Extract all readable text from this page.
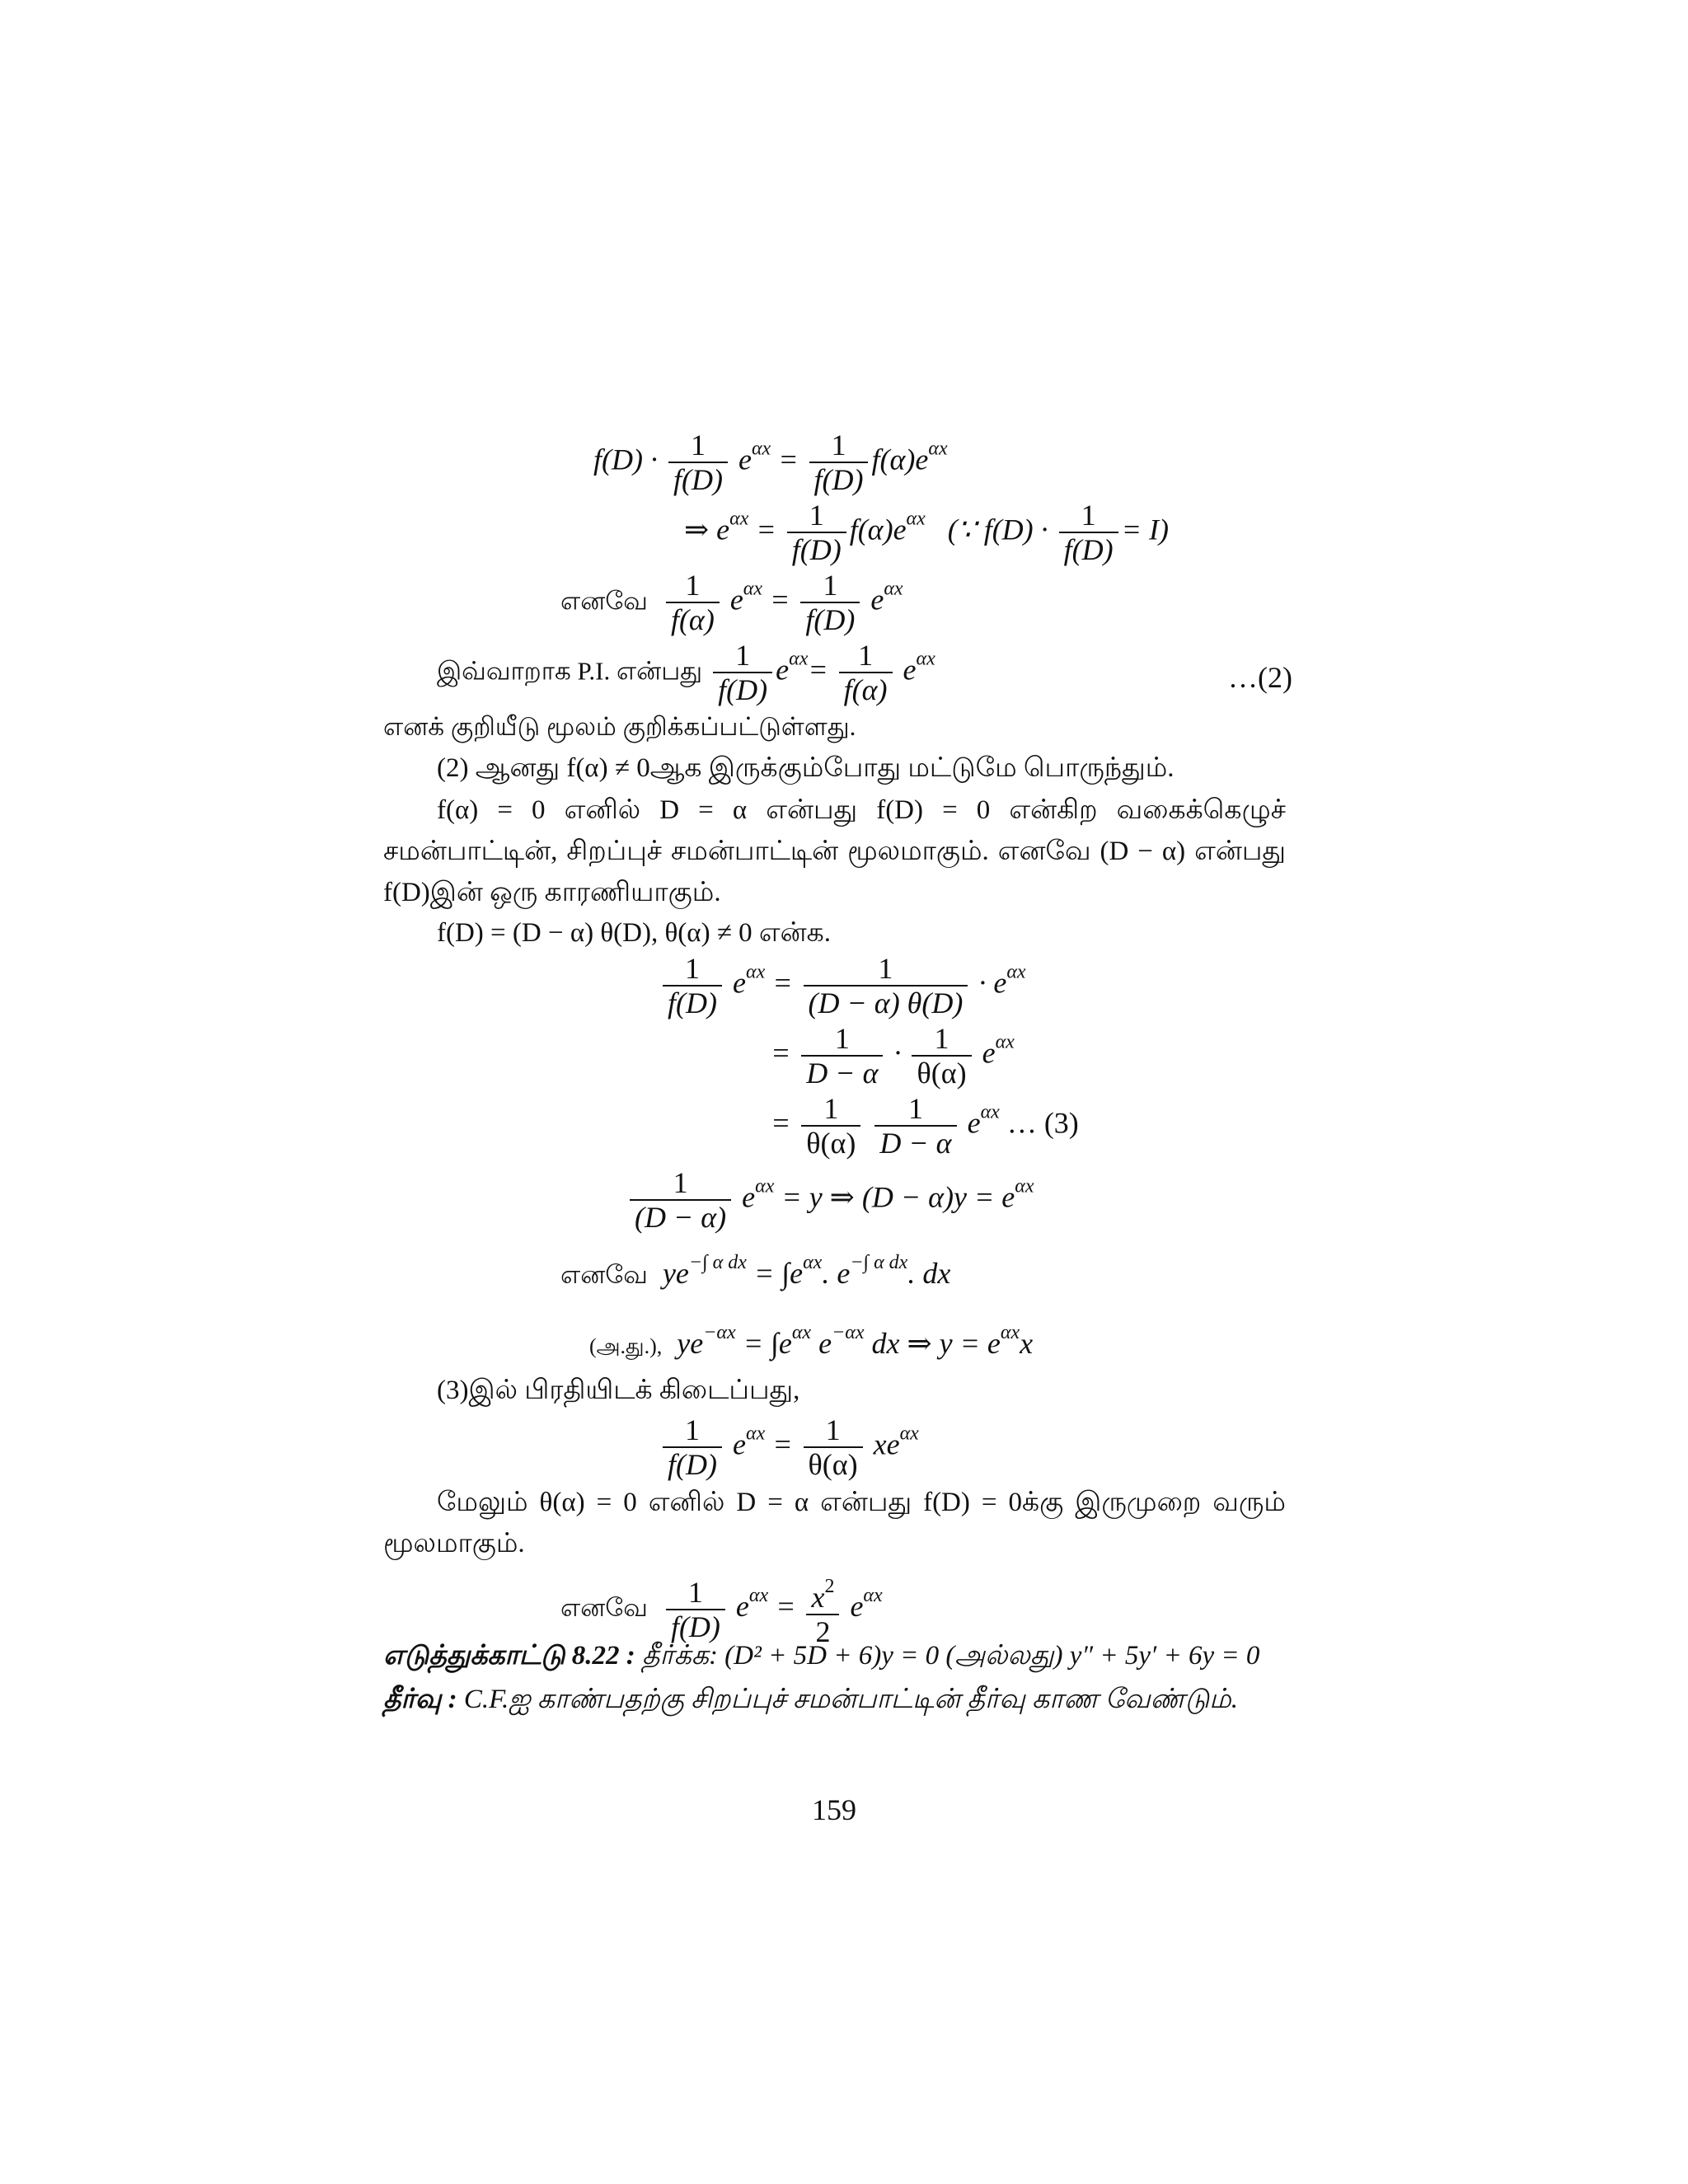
$f(D) \cdot \frac{1}{f(D)} e^{\alpha x} = \frac{1}{f(D)} f(\alpha)e^{\alpha x}$
⇒ $e^{\alpha x} = \frac{1}{f(D)} f(\alpha)e^{\alpha x}$ (∵ $f(D) \cdot \frac{1}{f(D)} = I$)
எனவே $\frac{1}{f(\alpha)} e^{\alpha x} = \frac{1}{f(D)} e^{\alpha x}$
இவ்வாறாக P.I. என்பது $\frac{1}{f(D)} e^{\alpha x}= \frac{1}{f(\alpha)} e^{\alpha x}$
…(2)
எனக் குறியீடு மூலம் குறிக்கப்பட்டுள்ளது.
(2) ஆனது f(α) ≠ 0ஆக இருக்கும்போது மட்டுமே பொருந்தும்.
f(α) = 0 எனில் D = α என்பது f(D) = 0 என்கிற வகைக்கெழுச் சமன்பாட்டின், சிறப்புச் சமன்பாட்டின் மூலமாகும். எனவே (D − α) என்பது f(D)இன் ஒரு காரணியாகும்.
f(D) = (D − α) θ(D), θ(α) ≠ 0 என்க.
$\frac{1}{f(D)} e^{\alpha x} = \frac{1}{(D - \alpha) \theta(D)} \cdot e^{\alpha x}$
= $\frac{1}{D - \alpha} \cdot \frac{1}{\theta(\alpha)} e^{\alpha x}$
= $\frac{1}{\theta(\alpha)}$
$\frac{1}{D - \alpha} e^{\alpha x}$ … (3)
$\frac{1}{(D - \alpha)} e^{\alpha x} = y$ ⇒ $(D - \alpha)y = e^{\alpha x}$
எனவே $ye^{-\int \alpha dx} = \int e^{\alpha x}$. $e^{-\int \alpha dx}$. dx
(அ.து.), $ye^{-\alpha x} = \int e^{\alpha x}$ $e^{-\alpha x}$ dx ⇒ $y = e^{\alpha x}x$
(3)இல் பிரதியிடக் கிடைப்பது,
$\frac{1}{f(D)} e^{\alpha x} = \frac{1}{\theta(\alpha)} xe^{\alpha x}$
மேலும் θ(α) = 0 எனில் D = α என்பது f(D) = 0க்கு இருமுறை வரும் மூலமாகும்.
எனவே $\frac{1}{f(D)} e^{\alpha x} = \frac{x^2}{2} e^{\alpha x}$
எடுத்துக்காட்டு 8.22 : தீர்க்க: (D² + 5D + 6)y = 0 (அல்லது) y″ + 5y′ + 6y = 0
தீர்வு : C.F.ஐ காண்பதற்கு சிறப்புச் சமன்பாட்டின் தீர்வு காண வேண்டும்.
159
